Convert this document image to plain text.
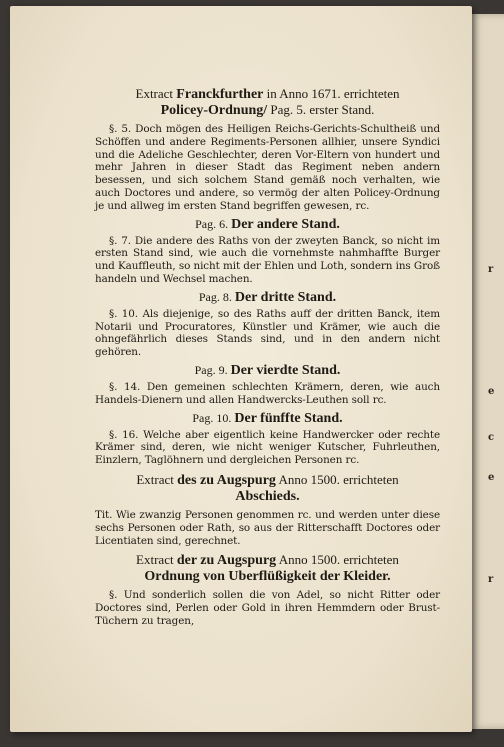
r
e
c
e
r

Extract Franckfurther in Anno 1671. errichteten
Policey-Ordnung/ Pag. 5. erster Stand.

§. 5. Doch mögen des Heiligen Reichs-Gerichts-Schultheiß und Schöffen und andere Regiments-Personen allhier, unsere Syndici und die Adeliche Geschlechter, deren Vor-Eltern von hundert und mehr Jahren in dieser Stadt das Regiment neben andern besessen, und sich solchem Stand gemäß noch verhalten, wie auch Doctores und andere, so vermög der alten Policey-Ordnung je und allweg im ersten Stand begriffen gewesen, rc.

Pag. 6. Der andere Stand.

§. 7. Die andere des Raths von der zweyten Banck, so nicht im ersten Stand sind, wie auch die vornehmste nahmhaffte Burger und Kauffleuth, so nicht mit der Ehlen und Loth, sondern ins Groß handeln und Wechsel machen.

Pag. 8. Der dritte Stand.

§. 10. Als diejenige, so des Raths auff der dritten Banck, item Notarii und Procuratores, Künstler und Krämer, wie auch die ohngefährlich dieses Stands sind, und in den andern nicht gehören.

Pag. 9. Der vierdte Stand.

§. 14. Den gemeinen schlechten Krämern, deren, wie auch Handels-Dienern und allen Handwercks-Leuthen soll rc.

Pag. 10. Der fünffte Stand.

§. 16. Welche aber eigentlich keine Handwercker oder rechte Krämer sind, deren, wie nicht weniger Kutscher, Fuhrleuthen, Einzlern, Taglöhnern und dergleichen Personen rc.

Extract des zu Augspurg Anno 1500. errichteten
Abschieds.

Tit. Wie zwanzig Personen genommen rc. und werden unter diese sechs Personen oder Rath, so aus der Ritterschafft Doctores oder Licentiaten sind, gerechnet.

Extract der zu Augspurg Anno 1500. errichteten
Ordnung von Uberflüßigkeit der Kleider.

§. Und sonderlich sollen die von Adel, so nicht Ritter oder Doctores sind, Perlen oder Gold in ihren Hemmdern oder Brust-Tüchern zu tragen,
